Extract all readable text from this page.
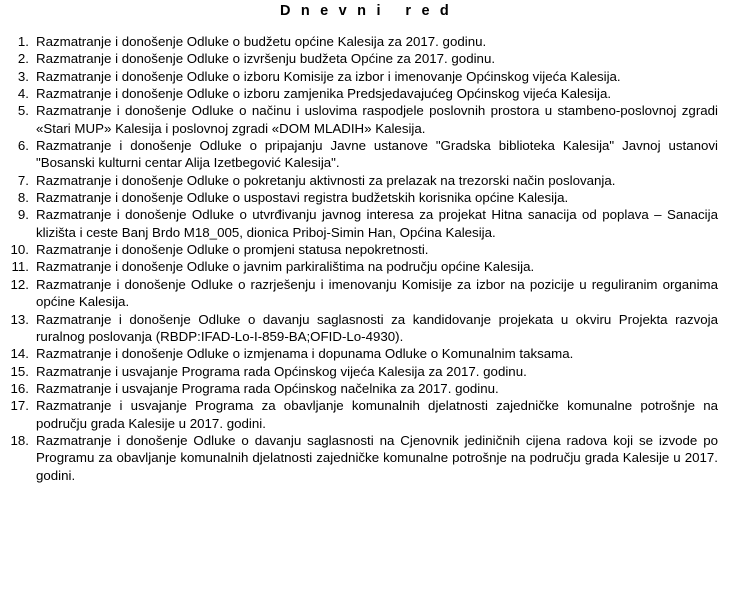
D n e v n i   r e d
1. Razmatranje i donošenje Odluke o budžetu općine Kalesija za 2017. godinu.
2. Razmatranje i donošenje Odluke o izvršenju budžeta Općine za 2017. godinu.
3. Razmatranje i donošenje Odluke o izboru Komisije za izbor i imenovanje Općinskog vijeća Kalesija.
4. Razmatranje i donošenje Odluke o izboru zamjenika Predsjedavajućeg Općinskog vijeća Kalesija.
5. Razmatranje i donošenje Odluke o načinu i uslovima raspodjele poslovnih prostora u stambeno-poslovnoj zgradi «Stari MUP» Kalesija i poslovnoj zgradi «DOM MLADIH» Kalesija.
6. Razmatranje i donošenje Odluke o pripajanju Javne ustanove "Gradska biblioteka Kalesija" Javnoj ustanovi "Bosanski kulturni centar Alija Izetbegović Kalesija".
7. Razmatranje i donošenje Odluke o pokretanju aktivnosti za prelazak na trezorski način poslovanja.
8. Razmatranje i donošenje Odluke o uspostavi registra budžetskih korisnika općine Kalesija.
9. Razmatranje i donošenje Odluke o utvrđivanju javnog interesa za projekat Hitna sanacija od poplava – Sanacija klizišta i ceste Banj Brdo M18_005, dionica Priboj-Simin Han, Općina Kalesija.
10. Razmatranje i donošenje Odluke o promjeni statusa nepokretnosti.
11. Razmatranje i donošenje Odluke o javnim parkiralištima na području općine Kalesija.
12. Razmatranje i donošenje Odluke o razrješenju i imenovanju Komisije za izbor na pozicije u reguliranim organima općine Kalesija.
13. Razmatranje i donošenje Odluke o davanju saglasnosti za kandidovanje projekata u okviru Projekta razvoja ruralnog poslovanja (RBDP:IFAD-Lo-I-859-BA;OFID-Lo-4930).
14. Razmatranje i donošenje Odluke o izmjenama i dopunama Odluke o Komunalnim taksama.
15. Razmatranje i usvajanje Programa rada Općinskog vijeća Kalesija za 2017. godinu.
16. Razmatranje i usvajanje Programa rada Općinskog načelnika za 2017. godinu.
17. Razmatranje i usvajanje Programa za obavljanje komunalnih djelatnosti zajedničke komunalne potrošnje na području grada Kalesije u 2017. godini.
18. Razmatranje i donošenje Odluke o davanju saglasnosti na Cjenovnik jediničnih cijena radova koji se izvode po Programu za obavljanje komunalnih djelatnosti zajedničke komunalne potrošnje na području grada Kalesije u 2017. godini.
